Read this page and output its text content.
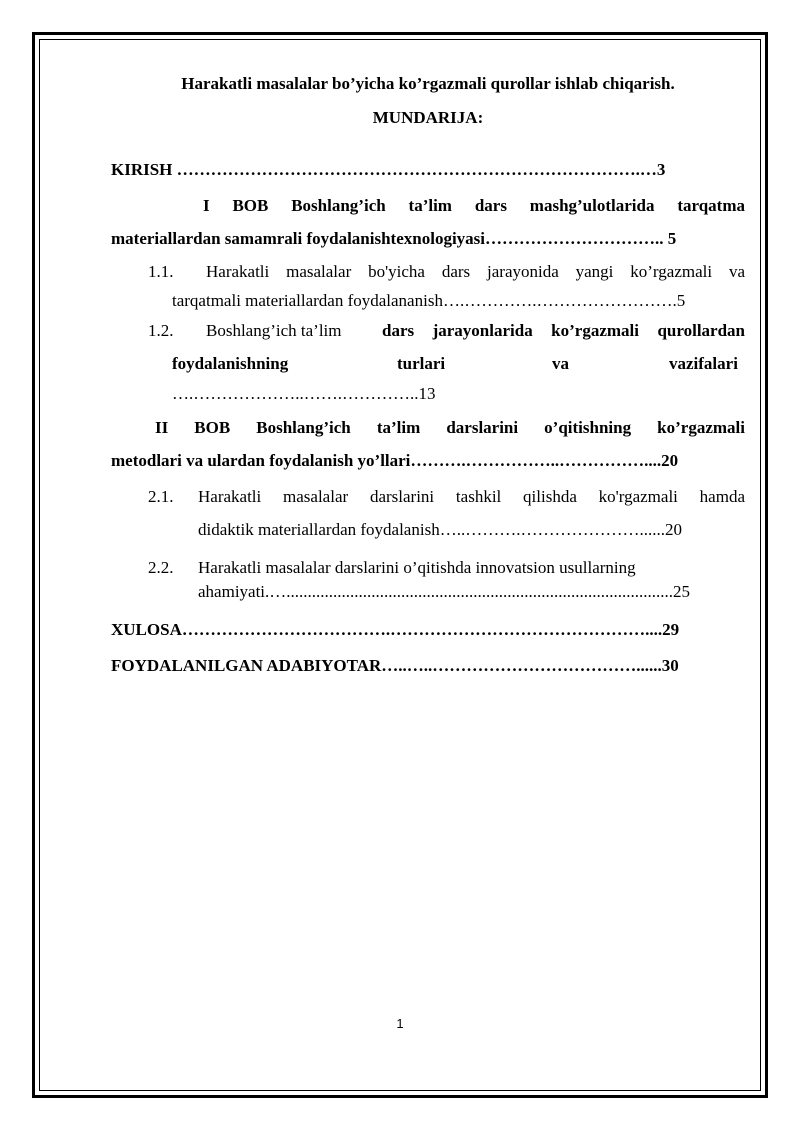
Harakatli masalalar bo’yicha ko’rgazmali qurollar ishlab chiqarish.
MUNDARIJA:
KIRISH ……………………………………………………………………….…3
I BOB Boshlang’ich ta’lim dars mashg’ulotlarida tarqatma
materiallardan samamrali foydalanishtexnologiyasi………………………….. 5
1.1. Harakatli masalalar bo'yicha dars jarayonida yangi ko’rgazmali va
tarqatmali materiallardan foydalananish….………….…………………….5
1.2. Boshlang’ich ta’lim dars jarayonlarida ko’rgazmali qurollardan
foydalanishning	turlari	va	vazifalari
….………………..…….…………..13
II BOB Boshlang’ich ta’lim darslarini o’qitishning ko’rgazmali
metodlari va ulardan foydalanish yo’llari……….……………..……………....20
2.1. Harakatli masalalar darslarini tashkil qilishda ko'rgazmali hamda
didaktik materiallardan foydalanish…..……….…………………......20
2.2. Harakatli masalalar darslarini o’qitishda innovatsion usullarning
ahamiyati.…...........................................................................................25
XULOSA……………………………….………………………………………....29
FOYDALANILGAN ADABIYOTAR…..…..………………………………......30
1
